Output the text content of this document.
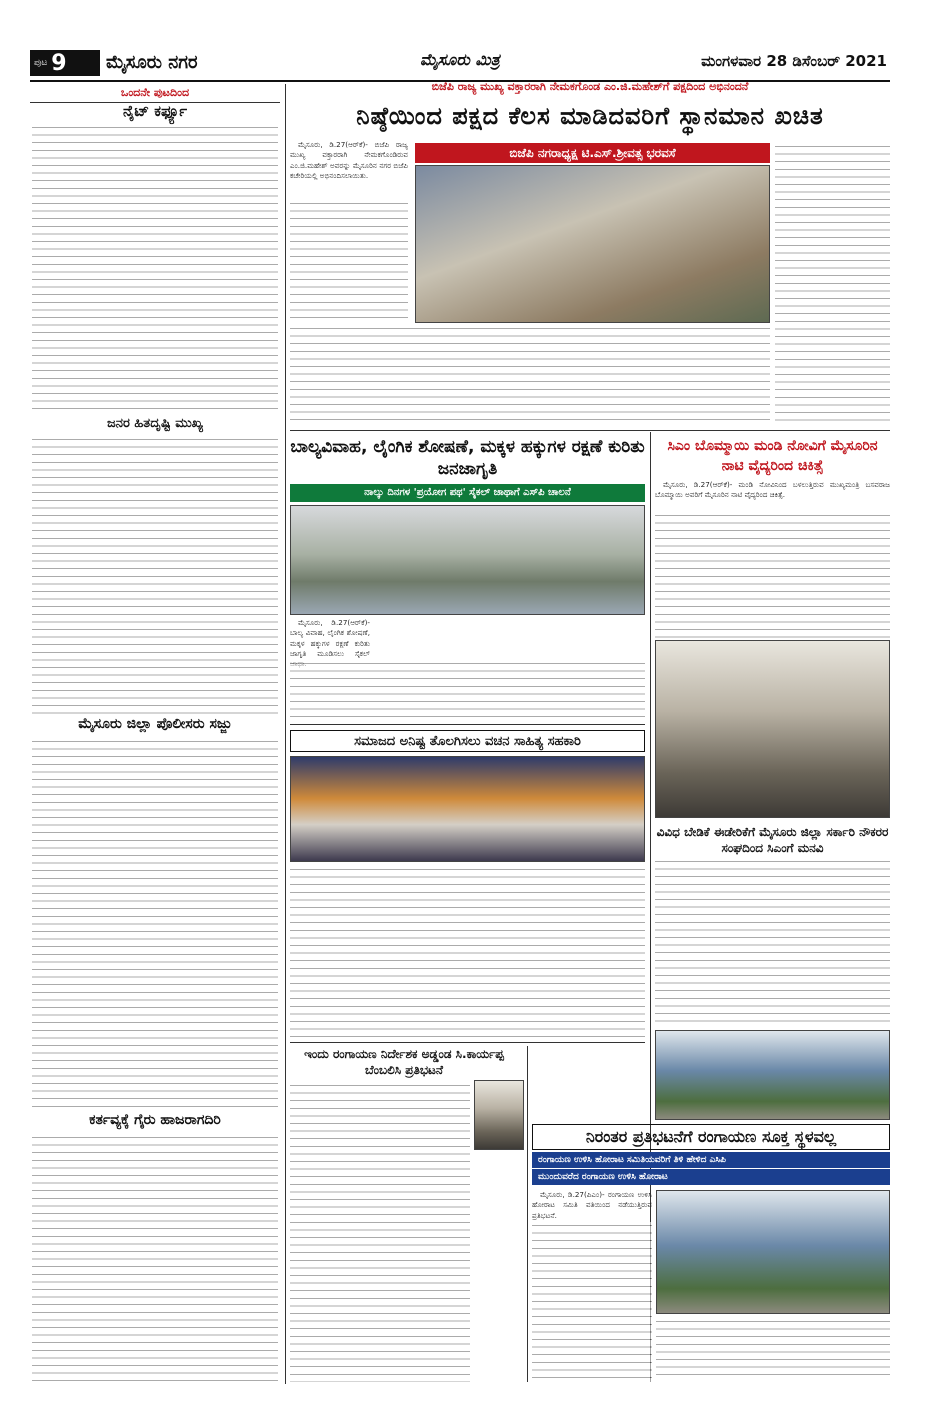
ಪುಟ 9 ಮೈಸೂರು ನಗರ	ಮೈಸೂರು ಮಿತ್ರ	ಮಂಗಳವಾರ 28 ಡಿಸೆಂಬರ್ 2021
ಒಂದನೇ ಪುಟದಿಂದ
ನೈಟ್ ಕರ್ಫ್ಯೂ
ಜನರ ಹಿತದೃಷ್ಟಿ ಮುಖ್ಯ
ಮೈಸೂರು ಜಿಲ್ಲಾ ಪೊಲೀಸರು ಸಜ್ಜು
ಕರ್ತವ್ಯಕ್ಕೆ ಗೈರು ಹಾಜರಾಗದಿರಿ
ಬಿಜೆಪಿ ರಾಜ್ಯ ಮುಖ್ಯ ವಕ್ತಾರರಾಗಿ ನೇಮಕಗೊಂಡ ಎಂ.ಜಿ.ಮಹೇಶ್‌ಗೆ ಪಕ್ಷದಿಂದ ಅಭಿನಂದನೆ
ನಿಷ್ಠೆಯಿಂದ ಪಕ್ಷದ ಕೆಲಸ ಮಾಡಿದವರಿಗೆ ಸ್ಥಾನಮಾನ ಖಚಿತ

ಮೈಸೂರು, ಡಿ.27(ಆರ್‌ಕೆ)- ಬಿಜೆಪಿ ರಾಜ್ಯ ಮುಖ್ಯ ವಕ್ತಾರರಾಗಿ ನೇಮಕಗೊಂಡಿರುವ ಎಂ.ಜಿ.ಮಹೇಶ್ ಅವರನ್ನು ಮೈಸೂರಿನ ನಗರ ಬಿಜೆಪಿ ಕಚೇರಿಯಲ್ಲಿ ಅಭಿನಂದಿಸಲಾಯಿತು.

ಬಿಜೆಪಿ ನಗರಾಧ್ಯಕ್ಷ ಟಿ.ಎಸ್.ಶ್ರೀವತ್ಸ ಭರವಸೆ
ಬಾಲ್ಯವಿವಾಹ, ಲೈಂಗಿಕ ಶೋಷಣೆ, ಮಕ್ಕಳ ಹಕ್ಕುಗಳ ರಕ್ಷಣೆ ಕುರಿತು ಜನಜಾಗೃತಿ
ನಾಲ್ಕು ದಿನಗಳ 'ಪ್ರಯೋಗ ಪಥ' ಸೈಕಲ್ ಜಾಥಾಗೆ ಎಸ್‌ಪಿ ಚಾಲನೆ

ಮೈಸೂರು, ಡಿ.27(ಆರ್‌ಕೆ)- ಬಾಲ್ಯ ವಿವಾಹ, ಲೈಂಗಿಕ ಶೋಷಣೆ, ಮಕ್ಕಳ ಹಕ್ಕುಗಳ ರಕ್ಷಣೆ ಕುರಿತು ಜಾಗೃತಿ ಮೂಡಿಸಲು ಸೈಕಲ್

ಸಿಎಂ ಬೊಮ್ಮಾಯಿ ಮಂಡಿ ನೋವಿಗೆ ಮೈಸೂರಿನ ನಾಟಿ ವೈದ್ಯರಿಂದ ಚಿಕಿತ್ಸೆ

ಮೈಸೂರು, ಡಿ.27(ಆರ್‌ಕೆ)- ಮಂಡಿ ನೋವಿನಿಂದ ಬಳಲುತ್ತಿರುವ ಮುಖ್ಯಮಂತ್ರಿ ಬಸವರಾಜ ಬೊಮ್ಮಾಯಿ ಅವರಿಗೆ ಮೈಸೂರಿನ ನಾಟಿ ವೈದ್ಯರಿಂದ ಚಿಕಿತ್ಸೆ.

ಸಮಾಜದ ಅನಿಷ್ಟ ತೊಲಗಿಸಲು ವಚನ ಸಾಹಿತ್ಯ ಸಹಕಾರಿ
ವಿವಿಧ ಬೇಡಿಕೆ ಈಡೇರಿಕೆಗೆ ಮೈಸೂರು ಜಿಲ್ಲಾ ಸರ್ಕಾರಿ ನೌಕರರ ಸಂಘದಿಂದ ಸಿಎಂಗೆ ಮನವಿ
ಇಂದು ರಂಗಾಯಣ ನಿರ್ದೇಶಕ ಅಡ್ಡಂಡ ಸಿ.ಕಾರ್ಯಪ್ಪ ಬೆಂಬಲಿಸಿ ಪ್ರತಿಭಟನೆ
ನಿರಂತರ ಪ್ರತಿಭಟನೆಗೆ ರಂಗಾಯಣ ಸೂಕ್ತ ಸ್ಥಳವಲ್ಲ
ರಂಗಾಯಣ ಉಳಿಸಿ ಹೋರಾಟ ಸಮಿತಿಯವರಿಗೆ ತಿಳಿ ಹೇಳಿದ ಎಸಿಪಿ
ಮುಂದುವರೆದ ರಂಗಾಯಣ ಉಳಿಸಿ ಹೋರಾಟ

ಮೈಸೂರು, ಡಿ.27(ಪಿಎಂ)- ರಂಗಾಯಣ ಉಳಿಸಿ ಹೋರಾಟ ಸಮಿತಿ ವತಿಯಿಂದ ನಡೆಯುತ್ತಿರುವ ಪ್ರತಿಭಟನೆ.
